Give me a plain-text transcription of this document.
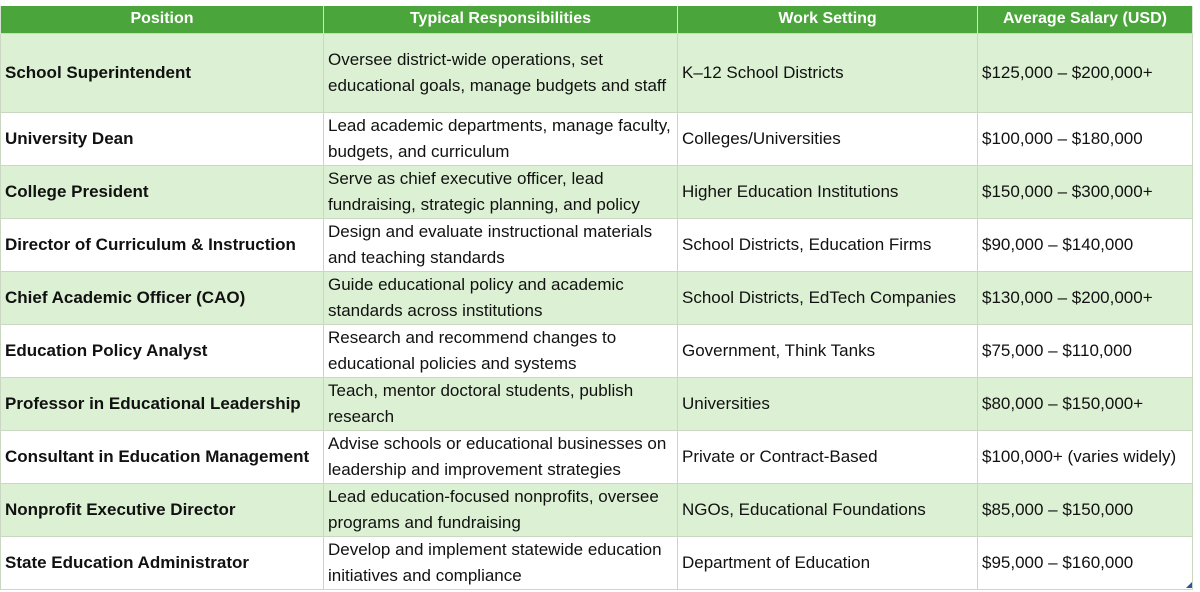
Position	Typical Responsibilities	Work Setting	Average Salary (USD)
School Superintendent	Oversee district-wide operations, set educational goals, manage budgets and staff	K–12 School Districts	$125,000 – $200,000+
University Dean	Lead academic departments, manage faculty, budgets, and curriculum	Colleges/Universities	$100,000 – $180,000
College President	Serve as chief executive officer, lead fundraising, strategic planning, and policy	Higher Education Institutions	$150,000 – $300,000+
Director of Curriculum & Instruction	Design and evaluate instructional materials and teaching standards	School Districts, Education Firms	$90,000 – $140,000
Chief Academic Officer (CAO)	Guide educational policy and academic standards across institutions	School Districts, EdTech Companies	$130,000 – $200,000+
Education Policy Analyst	Research and recommend changes to educational policies and systems	Government, Think Tanks	$75,000 – $110,000
Professor in Educational Leadership	Teach, mentor doctoral students, publish research	Universities	$80,000 – $150,000+
Consultant in Education Management	Advise schools or educational businesses on leadership and improvement strategies	Private or Contract-Based	$100,000+ (varies widely)
Nonprofit Executive Director	Lead education-focused nonprofits, oversee programs and fundraising	NGOs, Educational Foundations	$85,000 – $150,000
State Education Administrator	Develop and implement statewide education initiatives and compliance	Department of Education	$95,000 – $160,000
